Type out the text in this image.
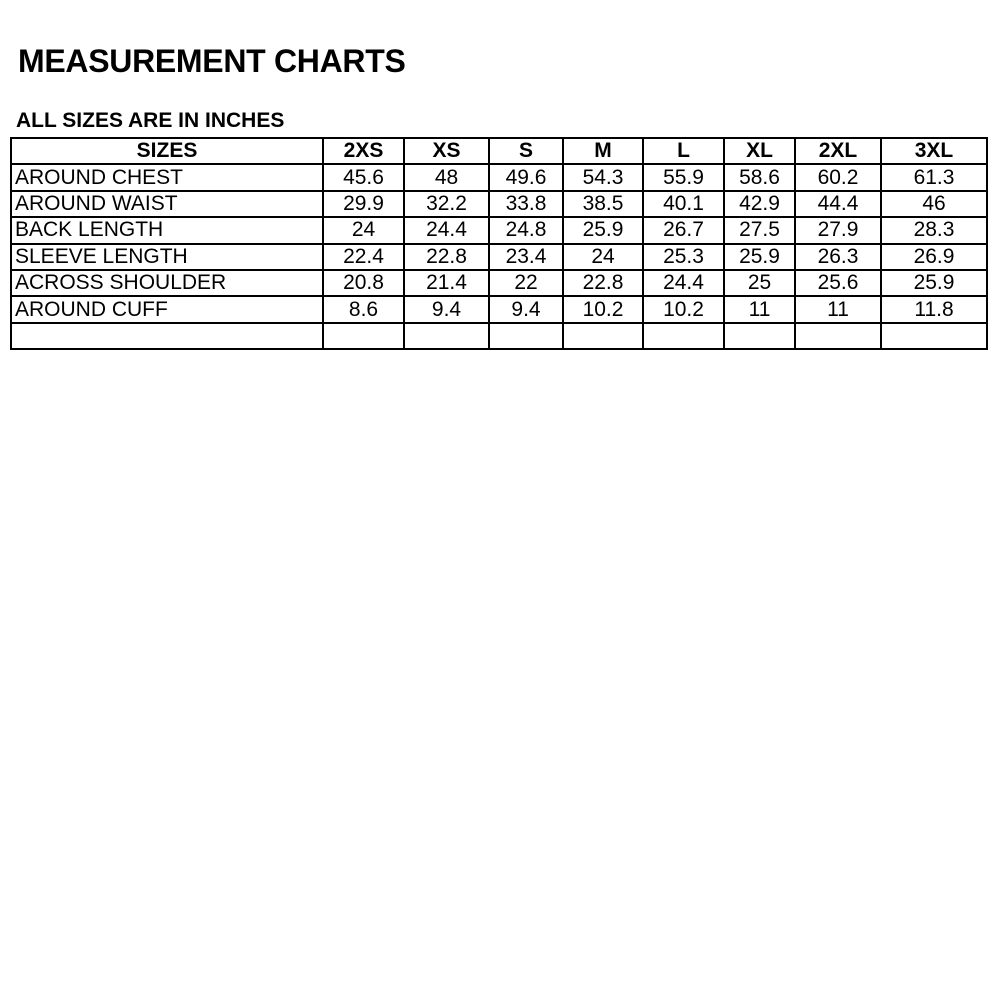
MEASUREMENT CHARTS
ALL SIZES ARE IN INCHES
SIZES	2XS	XS	S	M	L	XL	2XL	3XL
AROUND CHEST	45.6	48	49.6	54.3	55.9	58.6	60.2	61.3
AROUND WAIST	29.9	32.2	33.8	38.5	40.1	42.9	44.4	46
BACK LENGTH	24	24.4	24.8	25.9	26.7	27.5	27.9	28.3
SLEEVE LENGTH	22.4	22.8	23.4	24	25.3	25.9	26.3	26.9
ACROSS SHOULDER	20.8	21.4	22	22.8	24.4	25	25.6	25.9
AROUND CUFF	8.6	9.4	9.4	10.2	10.2	11	11	11.8
